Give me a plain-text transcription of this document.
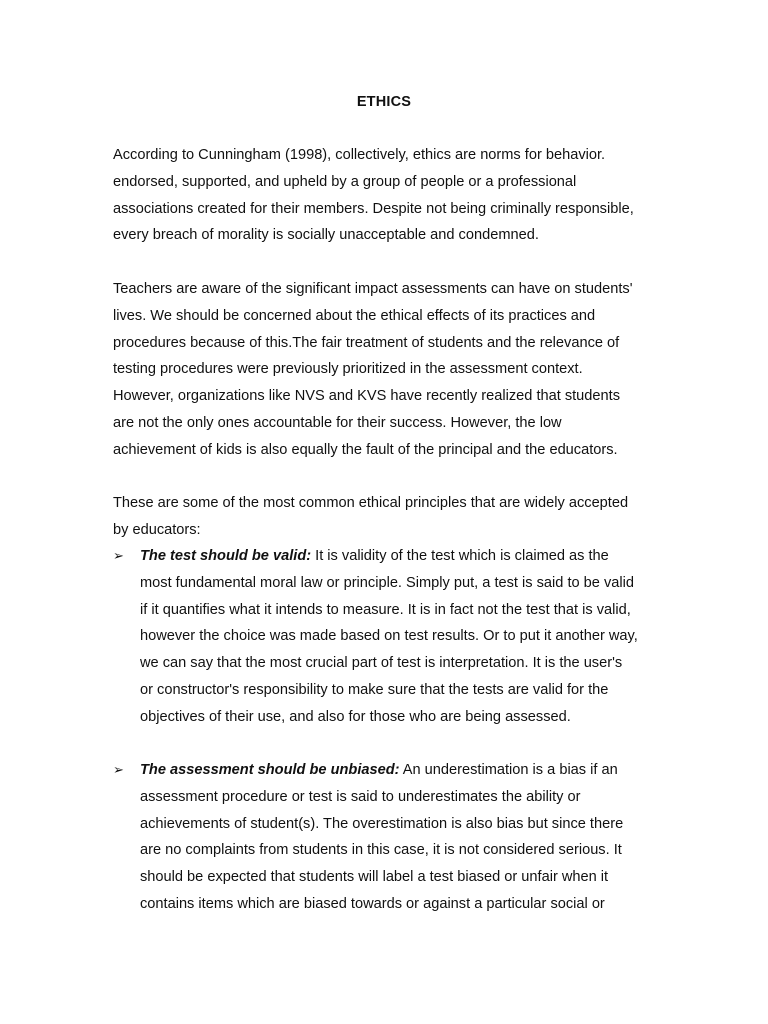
ETHICS

According to Cunningham (1998), collectively, ethics are norms for behavior.
endorsed, supported, and upheld by a group of people or a professional
associations created for their members. Despite not being criminally responsible,
every breach of morality is socially unacceptable and condemned.

Teachers are aware of the significant impact assessments can have on students'
lives. We should be concerned about the ethical effects of its practices and
procedures because of this.The fair treatment of students and the relevance of
testing procedures were previously prioritized in the assessment context.
However, organizations like NVS and KVS have recently realized that students
are not the only ones accountable for their success. However, the low
achievement of kids is also equally the fault of the principal and the educators.

These are some of the most common ethical principles that are widely accepted
by educators:

➢	The test should be valid: It is validity of the test which is claimed as the
most fundamental moral law or principle. Simply put, a test is said to be valid
if it quantifies what it intends to measure. It is in fact not the test that is valid,
however the choice was made based on test results. Or to put it another way,
we can say that the most crucial part of test is interpretation. It is the user's
or constructor's responsibility to make sure that the tests are valid for the
objectives of their use, and also for those who are being assessed.
➢	The assessment should be unbiased: An underestimation is a bias if an
assessment procedure or test is said to underestimates the ability or
achievements of student(s). The overestimation is also bias but since there
are no complaints from students in this case, it is not considered serious. It
should be expected that students will label a test biased or unfair when it
contains items which are biased towards or against a particular social or
